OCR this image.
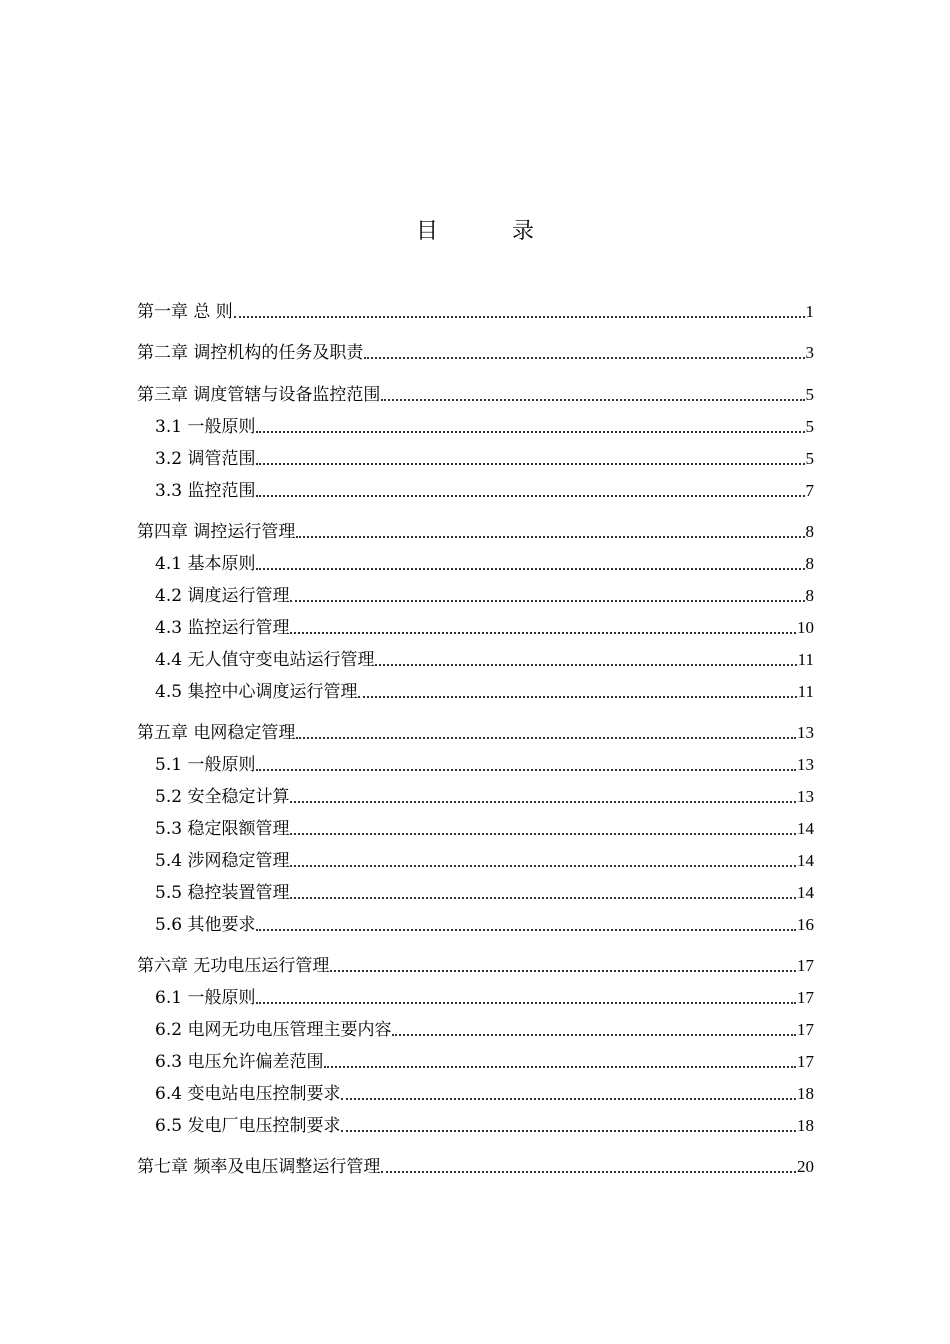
目　录
第一章 总 则	1
第二章 调控机构的任务及职责	3
第三章 调度管辖与设备监控范围	5
3.1 一般原则	5
3.2 调管范围	5
3.3 监控范围	7
第四章 调控运行管理	8
4.1 基本原则	8
4.2 调度运行管理	8
4.3 监控运行管理	10
4.4 无人值守变电站运行管理	11
4.5 集控中心调度运行管理	11
第五章 电网稳定管理	13
5.1 一般原则	13
5.2 安全稳定计算	13
5.3 稳定限额管理	14
5.4 涉网稳定管理	14
5.5 稳控装置管理	14
5.6 其他要求	16
第六章 无功电压运行管理	17
6.1 一般原则	17
6.2 电网无功电压管理主要内容	17
6.3 电压允许偏差范围	17
6.4 变电站电压控制要求	18
6.5 发电厂电压控制要求	18
第七章 频率及电压调整运行管理	20
